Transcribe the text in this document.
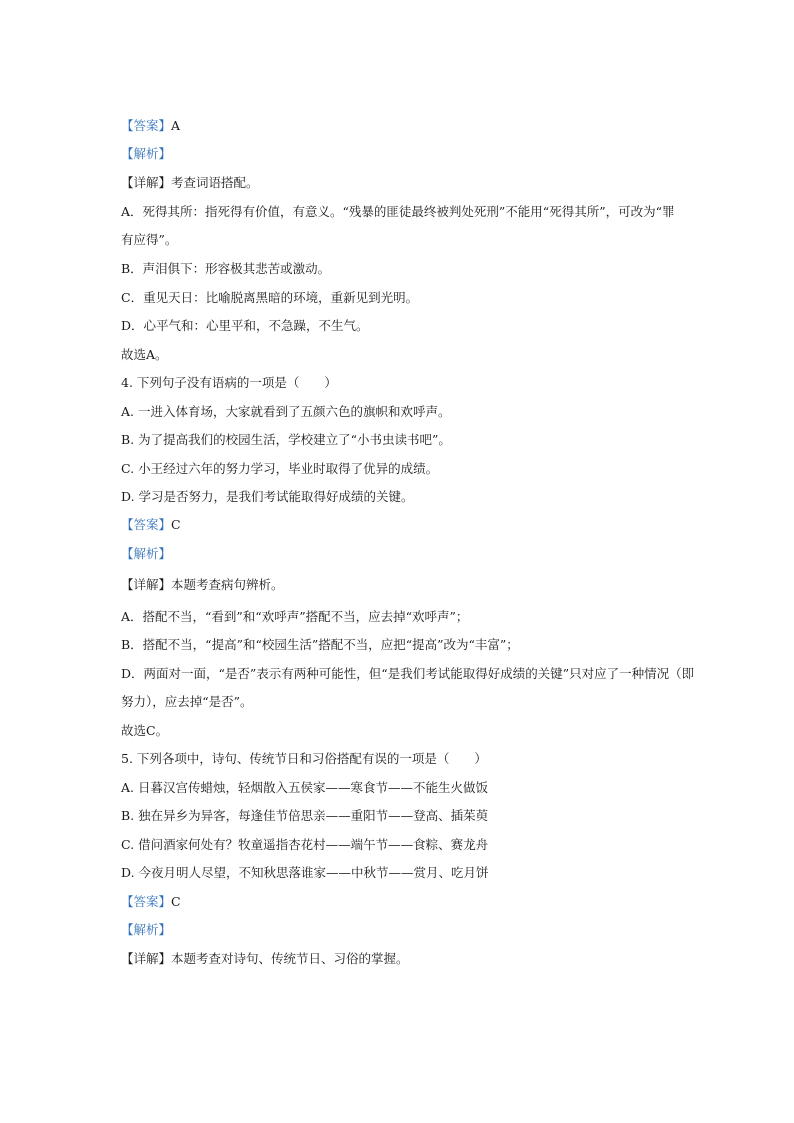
【答案】A
【解析】
【详解】考查词语搭配。
A．死得其所：指死得有价值，有意义。“残暴的匪徒最终被判处死刑”不能用“死得其所”，可改为“罪
有应得”。
B．声泪俱下：形容极其悲苦或激动。
C．重见天日：比喻脱离黑暗的环境，重新见到光明。
D．心平气和：心里平和，不急躁，不生气。
故选A。
4. 下列句子没有语病的一项是（　　）
A. 一进入体育场，大家就看到了五颜六色的旗帜和欢呼声。
B. 为了提高我们的校园生活，学校建立了“小书虫读书吧”。
C. 小王经过六年的努力学习，毕业时取得了优异的成绩。
D. 学习是否努力，是我们考试能取得好成绩的关键。
【答案】C
【解析】
【详解】本题考查病句辨析。
A．搭配不当，“看到”和“欢呼声”搭配不当，应去掉“欢呼声”；
B．搭配不当，“提高”和“校园生活”搭配不当，应把“提高”改为“丰富”；
D．两面对一面，“是否”表示有两种可能性，但“是我们考试能取得好成绩的关键”只对应了一种情况（即
努力），应去掉“是否”。
故选C。
5. 下列各项中，诗句、传统节日和习俗搭配有误的一项是（　　）
A. 日暮汉宫传蜡烛，轻烟散入五侯家——寒食节——不能生火做饭
B. 独在异乡为异客，每逢佳节倍思亲——重阳节——登高、插茱萸
C. 借问酒家何处有？牧童遥指杏花村——端午节——食粽、赛龙舟
D. 今夜月明人尽望，不知秋思落谁家——中秋节——赏月、吃月饼
【答案】C
【解析】
【详解】本题考查对诗句、传统节日、习俗的掌握。
